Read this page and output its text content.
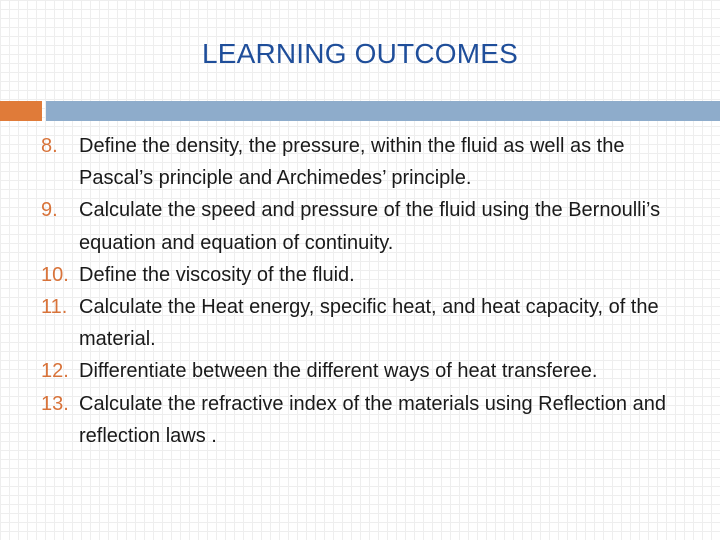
LEARNING OUTCOMES
8. Define the density, the pressure, within the fluid as well as the Pascal’s principle and Archimedes’ principle.
9. Calculate the speed and pressure of the fluid using the Bernoulli’s equation and equation of continuity.
10. Define the viscosity of the fluid.
11. Calculate the Heat energy, specific heat, and heat capacity, of the material.
12. Differentiate between the different ways of heat transferee.
13. Calculate the refractive index of the materials using Reflection and reflection laws .
